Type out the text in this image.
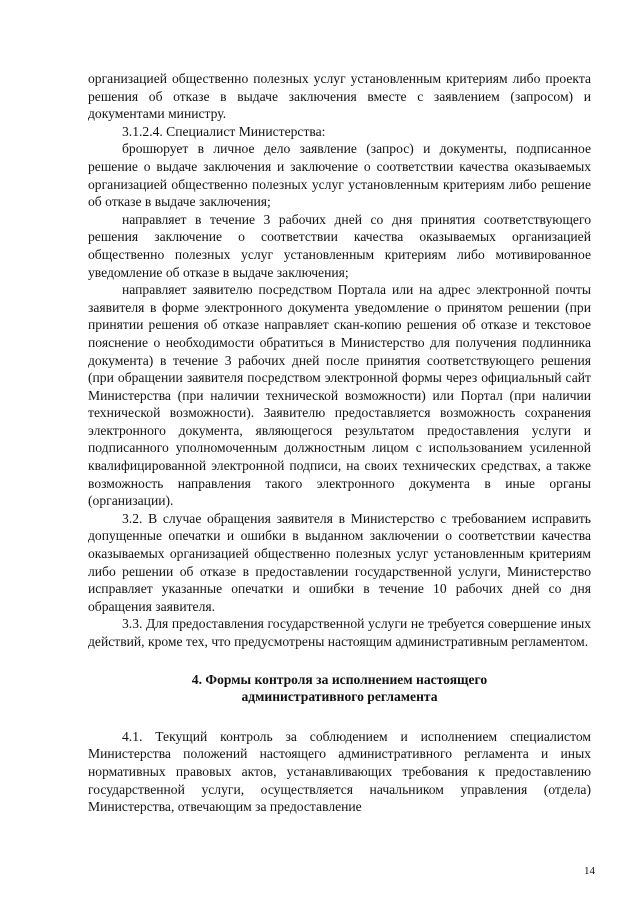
организацией общественно полезных услуг установленным критериям либо проекта решения об отказе в выдаче заключения вместе с заявлением (запросом) и документами министру.

3.1.2.4. Специалист Министерства:

брошюрует в личное дело заявление (запрос) и документы, подписанное решение о выдаче заключения и заключение о соответствии качества оказываемых организацией общественно полезных услуг установленным критериям либо решение об отказе в выдаче заключения;

направляет в течение 3 рабочих дней со дня принятия соответствующего решения заключение о соответствии качества оказываемых организацией общественно полезных услуг установленным критериям либо мотивированное уведомление об отказе в выдаче заключения;

направляет заявителю посредством Портала или на адрес электронной почты заявителя в форме электронного документа уведомление о принятом решении (при принятии решения об отказе направляет скан-копию решения об отказе и текстовое пояснение о необходимости обратиться в Министерство для получения подлинника документа) в течение 3 рабочих дней после принятия соответствующего решения (при обращении заявителя посредством электронной формы через официальный сайт Министерства (при наличии технической возможности) или Портал (при наличии технической возможности). Заявителю предоставляется возможность сохранения электронного документа, являющегося результатом предоставления услуги и подписанного уполномоченным должностным лицом с использованием усиленной квалифицированной электронной подписи, на своих технических средствах, а также возможность направления такого электронного документа в иные органы (организации).

3.2. В случае обращения заявителя в Министерство с требованием исправить допущенные опечатки и ошибки в выданном заключении о соответствии качества оказываемых организацией общественно полезных услуг установленным критериям либо решении об отказе в предоставлении государственной услуги, Министерство исправляет указанные опечатки и ошибки в течение 10 рабочих дней со дня обращения заявителя.

3.3. Для предоставления государственной услуги не требуется совершение иных действий, кроме тех, что предусмотрены настоящим административным регламентом.

4. Формы контроля за исполнением настоящего
административного регламента

4.1. Текущий контроль за соблюдением и исполнением специалистом Министерства положений настоящего административного регламента и иных нормативных правовых актов, устанавливающих требования к предоставлению государственной услуги, осуществляется начальником управления (отдела) Министерства, отвечающим за предоставление

14
